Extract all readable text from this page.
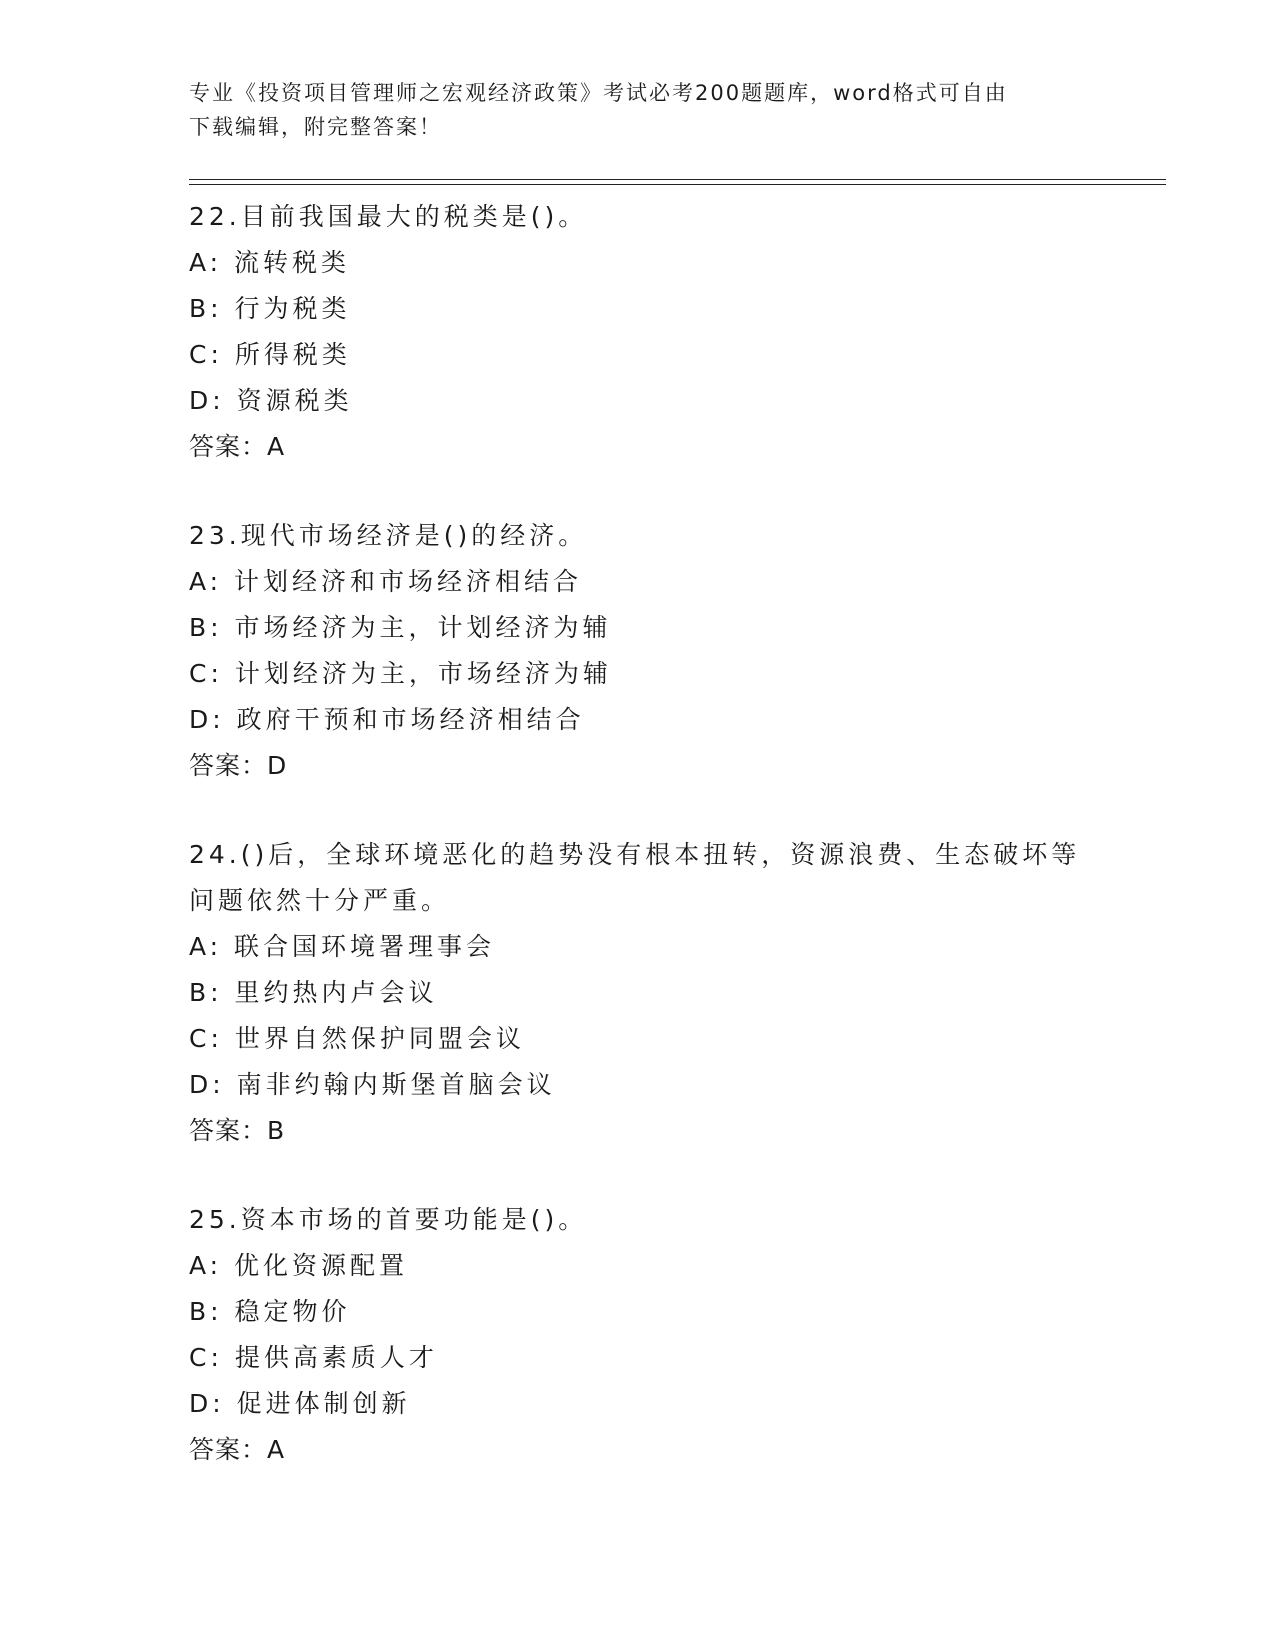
专业《投资项目管理师之宏观经济政策》考试必考200题题库，word格式可自由
下载编辑，附完整答案！
22.目前我国最大的税类是()。
A: 流转税类
B: 行为税类
C: 所得税类
D: 资源税类
答案：A
23.现代市场经济是()的经济。
A: 计划经济和市场经济相结合
B: 市场经济为主，计划经济为辅
C: 计划经济为主，市场经济为辅
D: 政府干预和市场经济相结合
答案：D
24.()后，全球环境恶化的趋势没有根本扭转，资源浪费、生态破坏等
问题依然十分严重。
A: 联合国环境署理事会
B: 里约热内卢会议
C: 世界自然保护同盟会议
D: 南非约翰内斯堡首脑会议
答案：B
25.资本市场的首要功能是()。
A: 优化资源配置
B: 稳定物价
C: 提供高素质人才
D: 促进体制创新
答案：A
